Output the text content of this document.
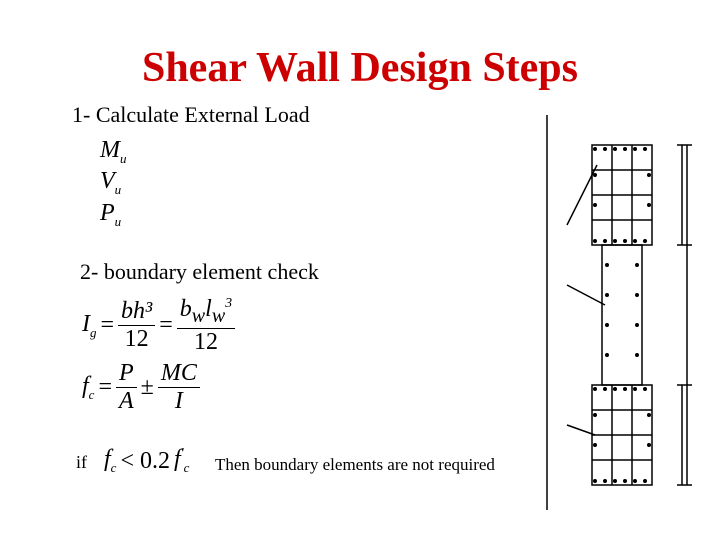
Shear Wall Design Steps
1- Calculate External Load
$M_u$
$V_u$
$P_u$
2- boundary element check
$I_g = \frac{\text{bh³}}{12} = \frac{b_wl_w^3}{12}$
$f_c = \frac{P}{A} \pm \frac{MC}{I}$
if $f_c < 0.2$ $f'_c$ Then boundary elements are not required
